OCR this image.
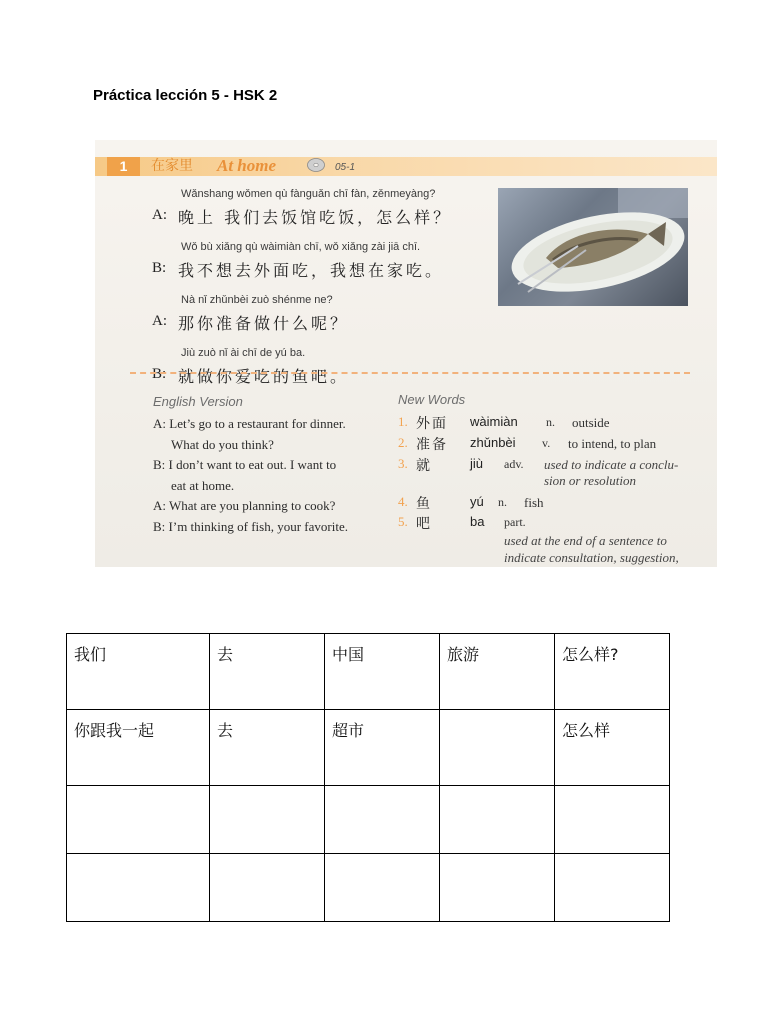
Práctica lección 5 - HSK 2
1	在家里 At home	05-1
Wǎnshang wǒmen qù fànguǎn chī fàn, zěnmeyàng?
A: 晚上 我们去饭馆吃饭，怎么样？
Wǒ bù xiǎng qù wàimiàn chī, wǒ xiǎng zài jiā chī.
B: 我不想去外面吃，我想在家吃。
Nà nǐ zhǔnbèi zuò shénme ne?
A: 那你准备做什么呢？
Jiù zuò nǐ ài chī de yú ba.
B: 就做你爱吃的鱼吧。
English Version
A: Let’s go to a restaurant for dinner.
What do you think?
B: I don’t want to eat out. I want to
eat at home.
A: What are you planning to cook?
B: I’m thinking of fish, your favorite.
New Words
1. 外面 wàimiàn n. outside
2. 准备 zhǔnbèi v. to intend, to plan
3. 就	jiù adv. used to indicate a conclu-
sion or resolution
4. 鱼	yú n. fish
5. 吧	ba part.
used at the end of a sentence to
indicate consultation, suggestion,
我们	去	中国	旅游	怎么样?
你跟我一起	去	超市		怎么样
